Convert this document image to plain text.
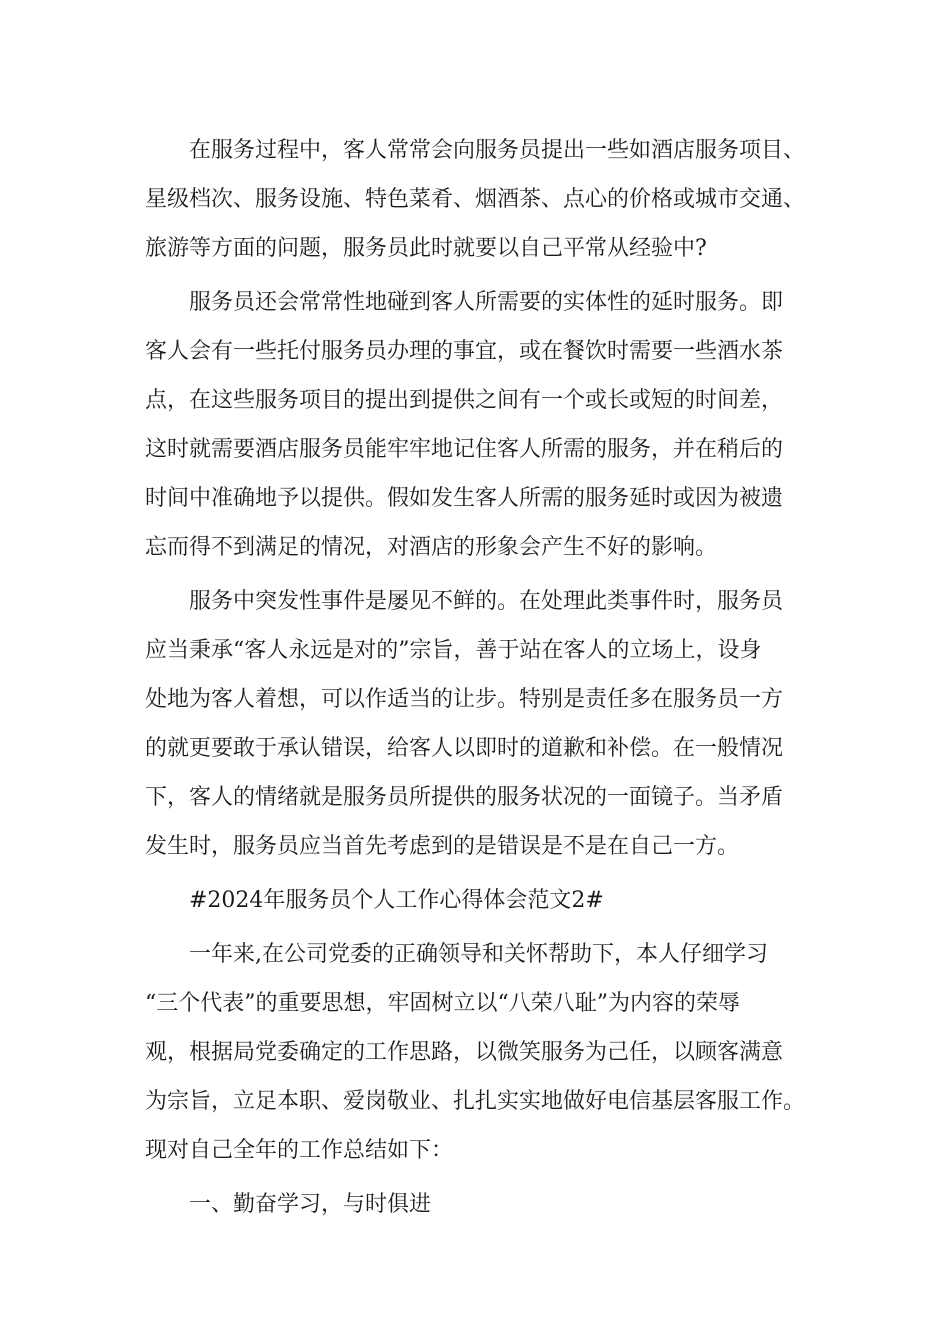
在服务过程中，客人常常会向服务员提出一些如酒店服务项目、
星级档次、服务设施、特色菜肴、烟酒茶、点心的价格或城市交通、
旅游等方面的问题，服务员此时就要以自己平常从经验中?
服务员还会常常性地碰到客人所需要的实体性的延时服务。即
客人会有一些托付服务员办理的事宜，或在餐饮时需要一些酒水茶
点，在这些服务项目的提出到提供之间有一个或长或短的时间差，
这时就需要酒店服务员能牢牢地记住客人所需的服务，并在稍后的
时间中准确地予以提供。假如发生客人所需的服务延时或因为被遗
忘而得不到满足的情况，对酒店的形象会产生不好的影响。
服务中突发性事件是屡见不鲜的。在处理此类事件时，服务员
应当秉承“客人永远是对的”宗旨，善于站在客人的立场上，设身
处地为客人着想，可以作适当的让步。特别是责任多在服务员一方
的就更要敢于承认错误，给客人以即时的道歉和补偿。在一般情况
下，客人的情绪就是服务员所提供的服务状况的一面镜子。当矛盾
发生时，服务员应当首先考虑到的是错误是不是在自己一方。
#2024年服务员个人工作心得体会范文2#
一年来,在公司党委的正确领导和关怀帮助下，本人仔细学习
“三个代表”的重要思想，牢固树立以“八荣八耻”为内容的荣辱
观，根据局党委确定的工作思路，以微笑服务为己任，以顾客满意
为宗旨，立足本职、爱岗敬业、扎扎实实地做好电信基层客服工作。
现对自己全年的工作总结如下：
一、勤奋学习，与时俱进
